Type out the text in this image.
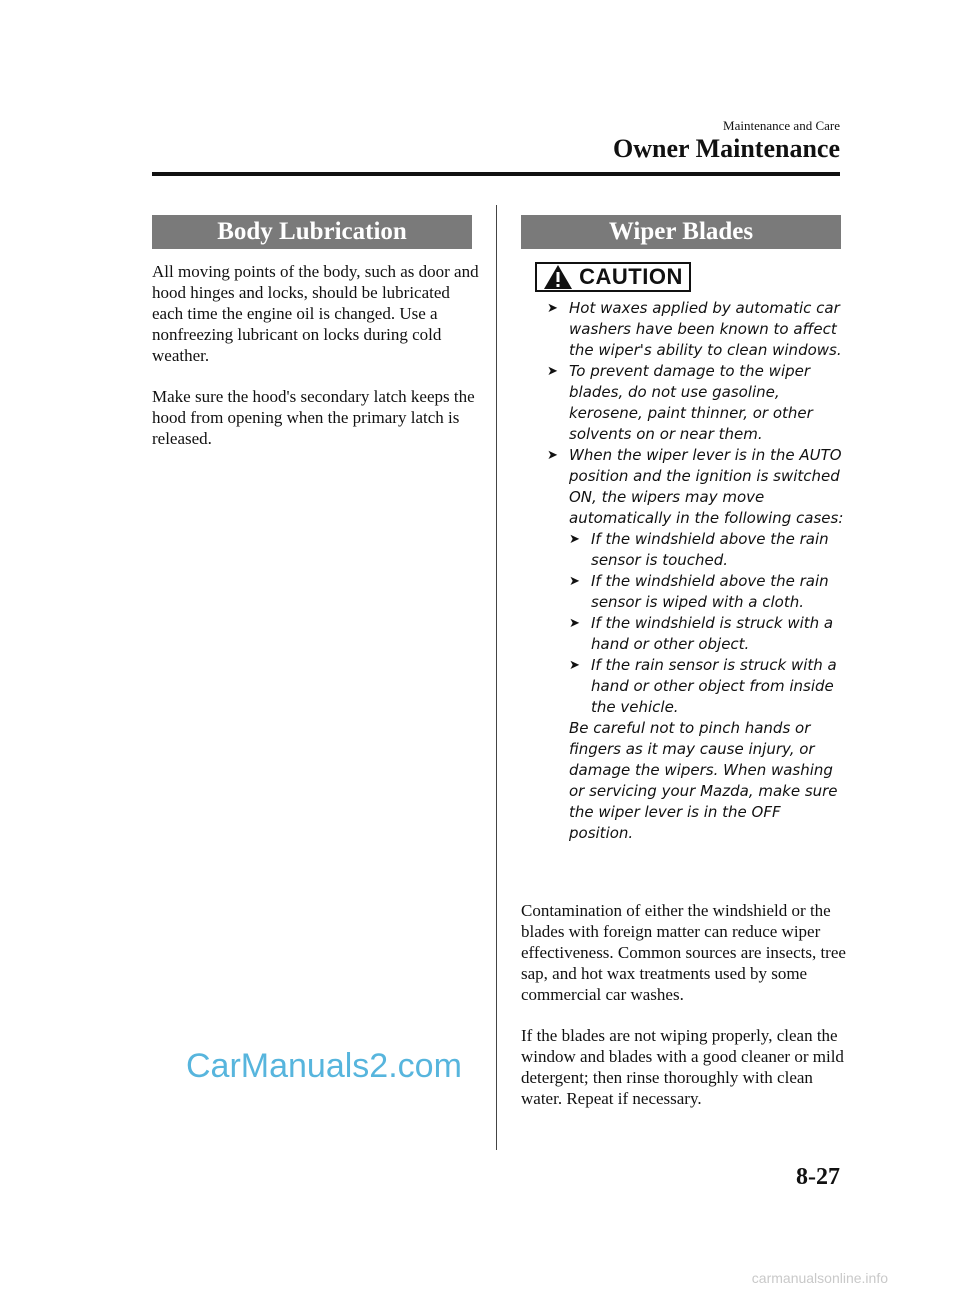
Maintenance and Care
Owner Maintenance
Body Lubrication

All moving points of the body, such as door and hood hinges and locks, should be lubricated each time the engine oil is changed. Use a nonfreezing lubricant on locks during cold weather.

Make sure the hood's secondary latch keeps the hood from opening when the primary latch is released.

Wiper Blades
CAUTION
➤ Hot waxes applied by automatic car washers have been known to affect the wiper's ability to clean windows.
➤ To prevent damage to the wiper blades, do not use gasoline, kerosene, paint thinner, or other solvents on or near them.
➤ When the wiper lever is in the AUTO position and the ignition is switched ON, the wipers may move automatically in the following cases:
➤ If the windshield above the rain sensor is touched.
➤ If the windshield above the rain sensor is wiped with a cloth.
➤ If the windshield is struck with a hand or other object.
➤ If the rain sensor is struck with a hand or other object from inside the vehicle.
Be careful not to pinch hands or fingers as it may cause injury, or damage the wipers. When washing or servicing your Mazda, make sure the wiper lever is in the OFF position.

Contamination of either the windshield or the blades with foreign matter can reduce wiper effectiveness. Common sources are insects, tree sap, and hot wax treatments used by some commercial car washes.

If the blades are not wiping properly, clean the window and blades with a good cleaner or mild detergent; then rinse thoroughly with clean water. Repeat if necessary.

CarManuals2.com
8-27
carmanualsonline.info
